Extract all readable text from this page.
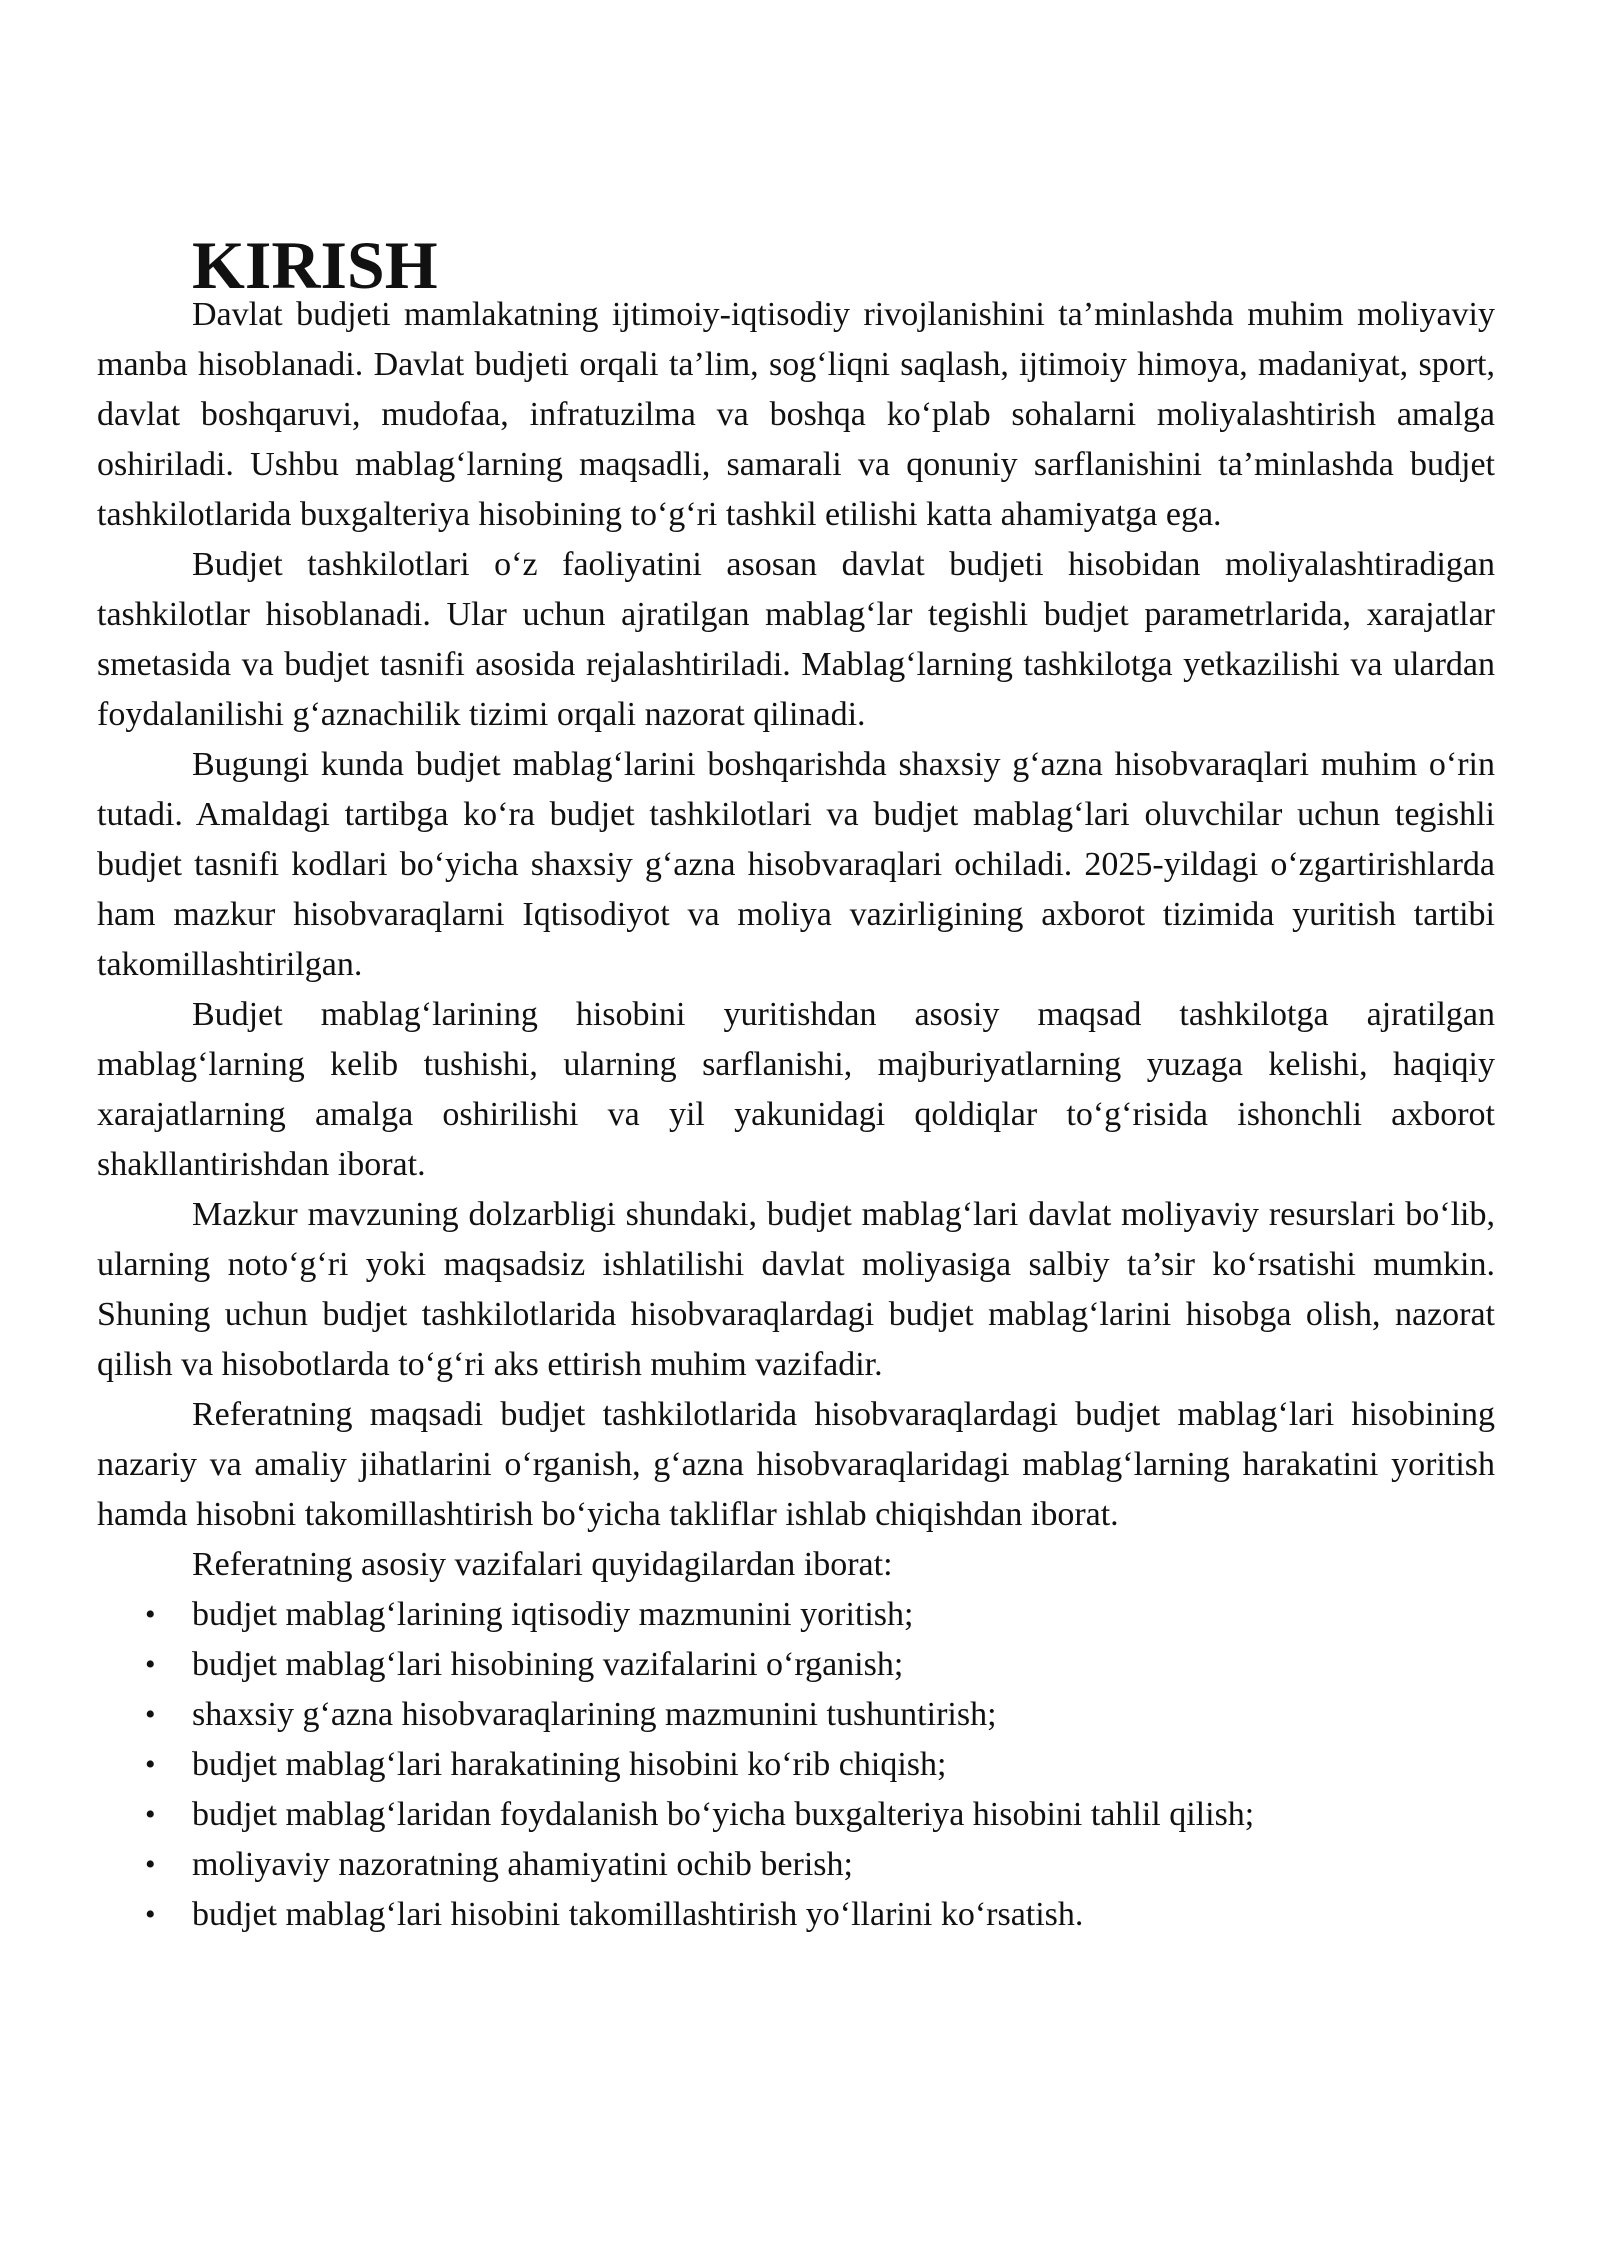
KIRISH

Davlat budjeti mamlakatning ijtimoiy-iqtisodiy rivojlanishini ta’minlashda muhim moliyaviy manba hisoblanadi. Davlat budjeti orqali ta’lim, sog‘liqni saqlash, ijtimoiy himoya, madaniyat, sport, davlat boshqaruvi, mudofaa, infratuzilma va boshqa ko‘plab sohalarni moliyalashtirish amalga oshiriladi. Ushbu mablag‘larning maqsadli, samarali va qonuniy sarflanishini ta’minlashda budjet tashkilotlarida buxgalteriya hisobining to‘g‘ri tashkil etilishi katta ahamiyatga ega.

Budjet tashkilotlari o‘z faoliyatini asosan davlat budjeti hisobidan moliyalashtiradigan tashkilotlar hisoblanadi. Ular uchun ajratilgan mablag‘lar tegishli budjet parametrlarida, xarajatlar smetasida va budjet tasnifi asosida rejalashtiriladi. Mablag‘larning tashkilotga yetkazilishi va ulardan foydalanilishi g‘aznachilik tizimi orqali nazorat qilinadi.

Bugungi kunda budjet mablag‘larini boshqarishda shaxsiy g‘azna hisobvaraqlari muhim o‘rin tutadi. Amaldagi tartibga ko‘ra budjet tashkilotlari va budjet mablag‘lari oluvchilar uchun tegishli budjet tasnifi kodlari bo‘yicha shaxsiy g‘azna hisobvaraqlari ochiladi. 2025-yildagi o‘zgartirishlarda ham mazkur hisobvaraqlarni Iqtisodiyot va moliya vazirligining axborot tizimida yuritish tartibi takomillashtirilgan.

Budjet mablag‘larining hisobini yuritishdan asosiy maqsad tashkilotga ajratilgan mablag‘larning kelib tushishi, ularning sarflanishi, majburiyatlarning yuzaga kelishi, haqiqiy xarajatlarning amalga oshirilishi va yil yakunidagi qoldiqlar to‘g‘risida ishonchli axborot shakllantirishdan iborat.

Mazkur mavzuning dolzarbligi shundaki, budjet mablag‘lari davlat moliyaviy resurslari bo‘lib, ularning noto‘g‘ri yoki maqsadsiz ishlatilishi davlat moliyasiga salbiy ta’sir ko‘rsatishi mumkin. Shuning uchun budjet tashkilotlarida hisobvaraqlardagi budjet mablag‘larini hisobga olish, nazorat qilish va hisobotlarda to‘g‘ri aks ettirish muhim vazifadir.

Referatning maqsadi budjet tashkilotlarida hisobvaraqlardagi budjet mablag‘lari hisobining nazariy va amaliy jihatlarini o‘rganish, g‘azna hisobvaraqlaridagi mablag‘larning harakatini yoritish hamda hisobni takomillashtirish bo‘yicha takliflar ishlab chiqishdan iborat.

Referatning asosiy vazifalari quyidagilardan iborat:

• budjet mablag‘larining iqtisodiy mazmunini yoritish;
• budjet mablag‘lari hisobining vazifalarini o‘rganish;
• shaxsiy g‘azna hisobvaraqlarining mazmunini tushuntirish;
• budjet mablag‘lari harakatining hisobini ko‘rib chiqish;
• budjet mablag‘laridan foydalanish bo‘yicha buxgalteriya hisobini tahlil qilish;
• moliyaviy nazoratning ahamiyatini ochib berish;
• budjet mablag‘lari hisobini takomillashtirish yo‘llarini ko‘rsatish.
